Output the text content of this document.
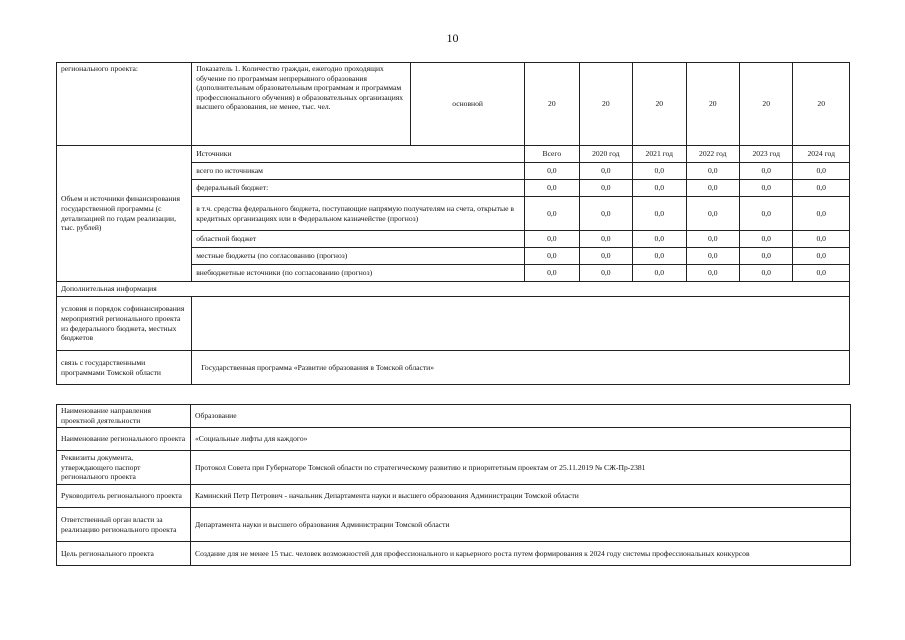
10
регионального проекта:	Показатель 1. Количество граждан, ежегодно проходящих обучение по программам непрерывного образования (дополнительным образовательным программам и программам профессионального обучения) в образовательных организациях высшего образования, не менее, тыс. чел.	основной	20	20	20	20	20	20
Объем и источники финансирования государственной программы (с детализацией по годам реализации, тыс. рублей)	Источники		Всего	2020 год	2021 год	2022 год	2023 год	2024 год
	всего по источникам		0,0	0,0	0,0	0,0	0,0	0,0
	федеральный бюджет:		0,0	0,0	0,0	0,0	0,0	0,0
	в т.ч. средства федерального бюджета, поступающие напрямую получателям на счета, открытые в кредитных организациях или в Федеральном казначействе (прогноз)		0,0	0,0	0,0	0,0	0,0	0,0
	областной бюджет		0,0	0,0	0,0	0,0	0,0	0,0
	местные бюджеты (по согласованию (прогноз)		0,0	0,0	0,0	0,0	0,0	0,0
	внебюджетные источники (по согласованию (прогноз)		0,0	0,0	0,0	0,0	0,0	0,0
Дополнительная информация								
условия и порядок софинансирования мероприятий регионального проекта из федерального бюджета, местных бюджетов								
связь с государственными программами Томской области	Государственная программа «Развитие образования в Томской области»							
Наименование направления проектной деятельности	Образование
Наименование регионального проекта	«Социальные лифты для каждого»
Реквизиты документа, утверждающего паспорт регионального проекта	Протокол Совета при Губернаторе Томской области по стратегическому развитию и приоритетным проектам от 25.11.2019 № СЖ-Пр-2381
Руководитель регионального проекта	Каминский Петр Петрович - начальник Департамента науки и высшего образования Администрации Томской области
Ответственный орган власти за реализацию регионального проекта	Департамента науки и высшего образования Администрации Томской области
Цель регионального проекта	Создание для не менее 15 тыс. человек возможностей для профессионального и карьерного роста путем формирования к 2024 году системы профессиональных конкурсов
